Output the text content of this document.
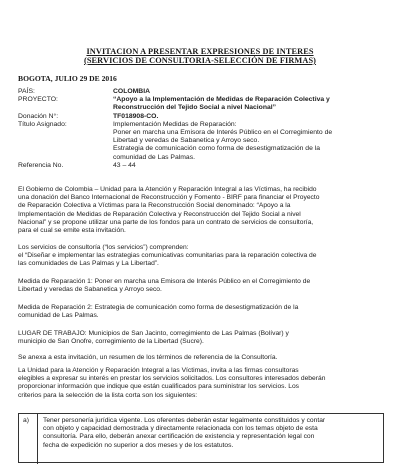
INVITACION A PRESENTAR EXPRESIONES DE INTERES
(SERVICIOS DE CONSULTORIA-SELECCIÓN DE FIRMAS)
BOGOTA, JULIO 29 DE 2016
PAÍS:	COLOMBIA
PROYECTO:	“Apoyo a la Implementación de Medidas de Reparación Colectiva y
Reconstrucción del Tejido Social a nivel Nacional”
Donación N°:	TF018908-CO.
Título Asignado:	Implementación Medidas de Reparación:
Poner en marcha una Emisora de Interés Público en el Corregimiento de
Libertad y veredas de Sabanetica y Arroyo seco.
Estrategia de comunicación como forma de desestigmatización de la
comunidad de Las Palmas.
Referencia No.	43 – 44
El Gobierno de Colombia – Unidad para la Atención y Reparación Integral a las Víctimas, ha recibido
una donación del Banco Internacional de Reconstrucción y Fomento - BIRF para financiar el Proyecto
de Reparación Colectiva a Víctimas para la Reconstrucción Social denominado: “Apoyo a la
Implementación de Medidas de Reparación Colectiva y Reconstrucción del Tejido Social a nivel
Nacional” y se propone utilizar una parte de los fondos para un contrato de servicios de consultoría,
para el cual se emite esta invitación.
Los servicios de consultoría (“los servicios”) comprenden:
el “Diseñar e implementar las estrategias comunicativas comunitarias para la reparación colectiva de
las comunidades de Las Palmas y La Libertad”.
Medida de Reparación 1: Poner en marcha una Emisora de Interés Público en el Corregimiento de
Libertad y veredas de Sabanetica y Arroyo seco.
Medida de Reparación 2: Estrategia de comunicación como forma de desestigmatización de la
comunidad de Las Palmas.
LUGAR DE TRABAJO: Municipios de San Jacinto, corregimiento de Las Palmas (Bolívar) y
municipio de San Onofre, corregimiento de la Libertad (Sucre).
Se anexa a esta invitación, un resumen de los términos de referencia de la Consultoría.
La Unidad para la Atención y Reparación Integral a las Víctimas, invita a las firmas consultoras
elegibles a expresar su interés en prestar los servicios solicitados. Los consultores interesados deberán
proporcionar información que indique que están cualificados para suministrar los servicios. Los
criterios para la selección de la lista corta son los siguientes:
a) Tener personería jurídica vigente. Los oferentes deberán estar legalmente constituidos y contar
con objeto y capacidad demostrada y directamente relacionada con los temas objeto de esta
consultoría. Para ello, deberán anexar certificación de existencia y representación legal con
fecha de expedición no superior a dos meses y de los estatutos.
